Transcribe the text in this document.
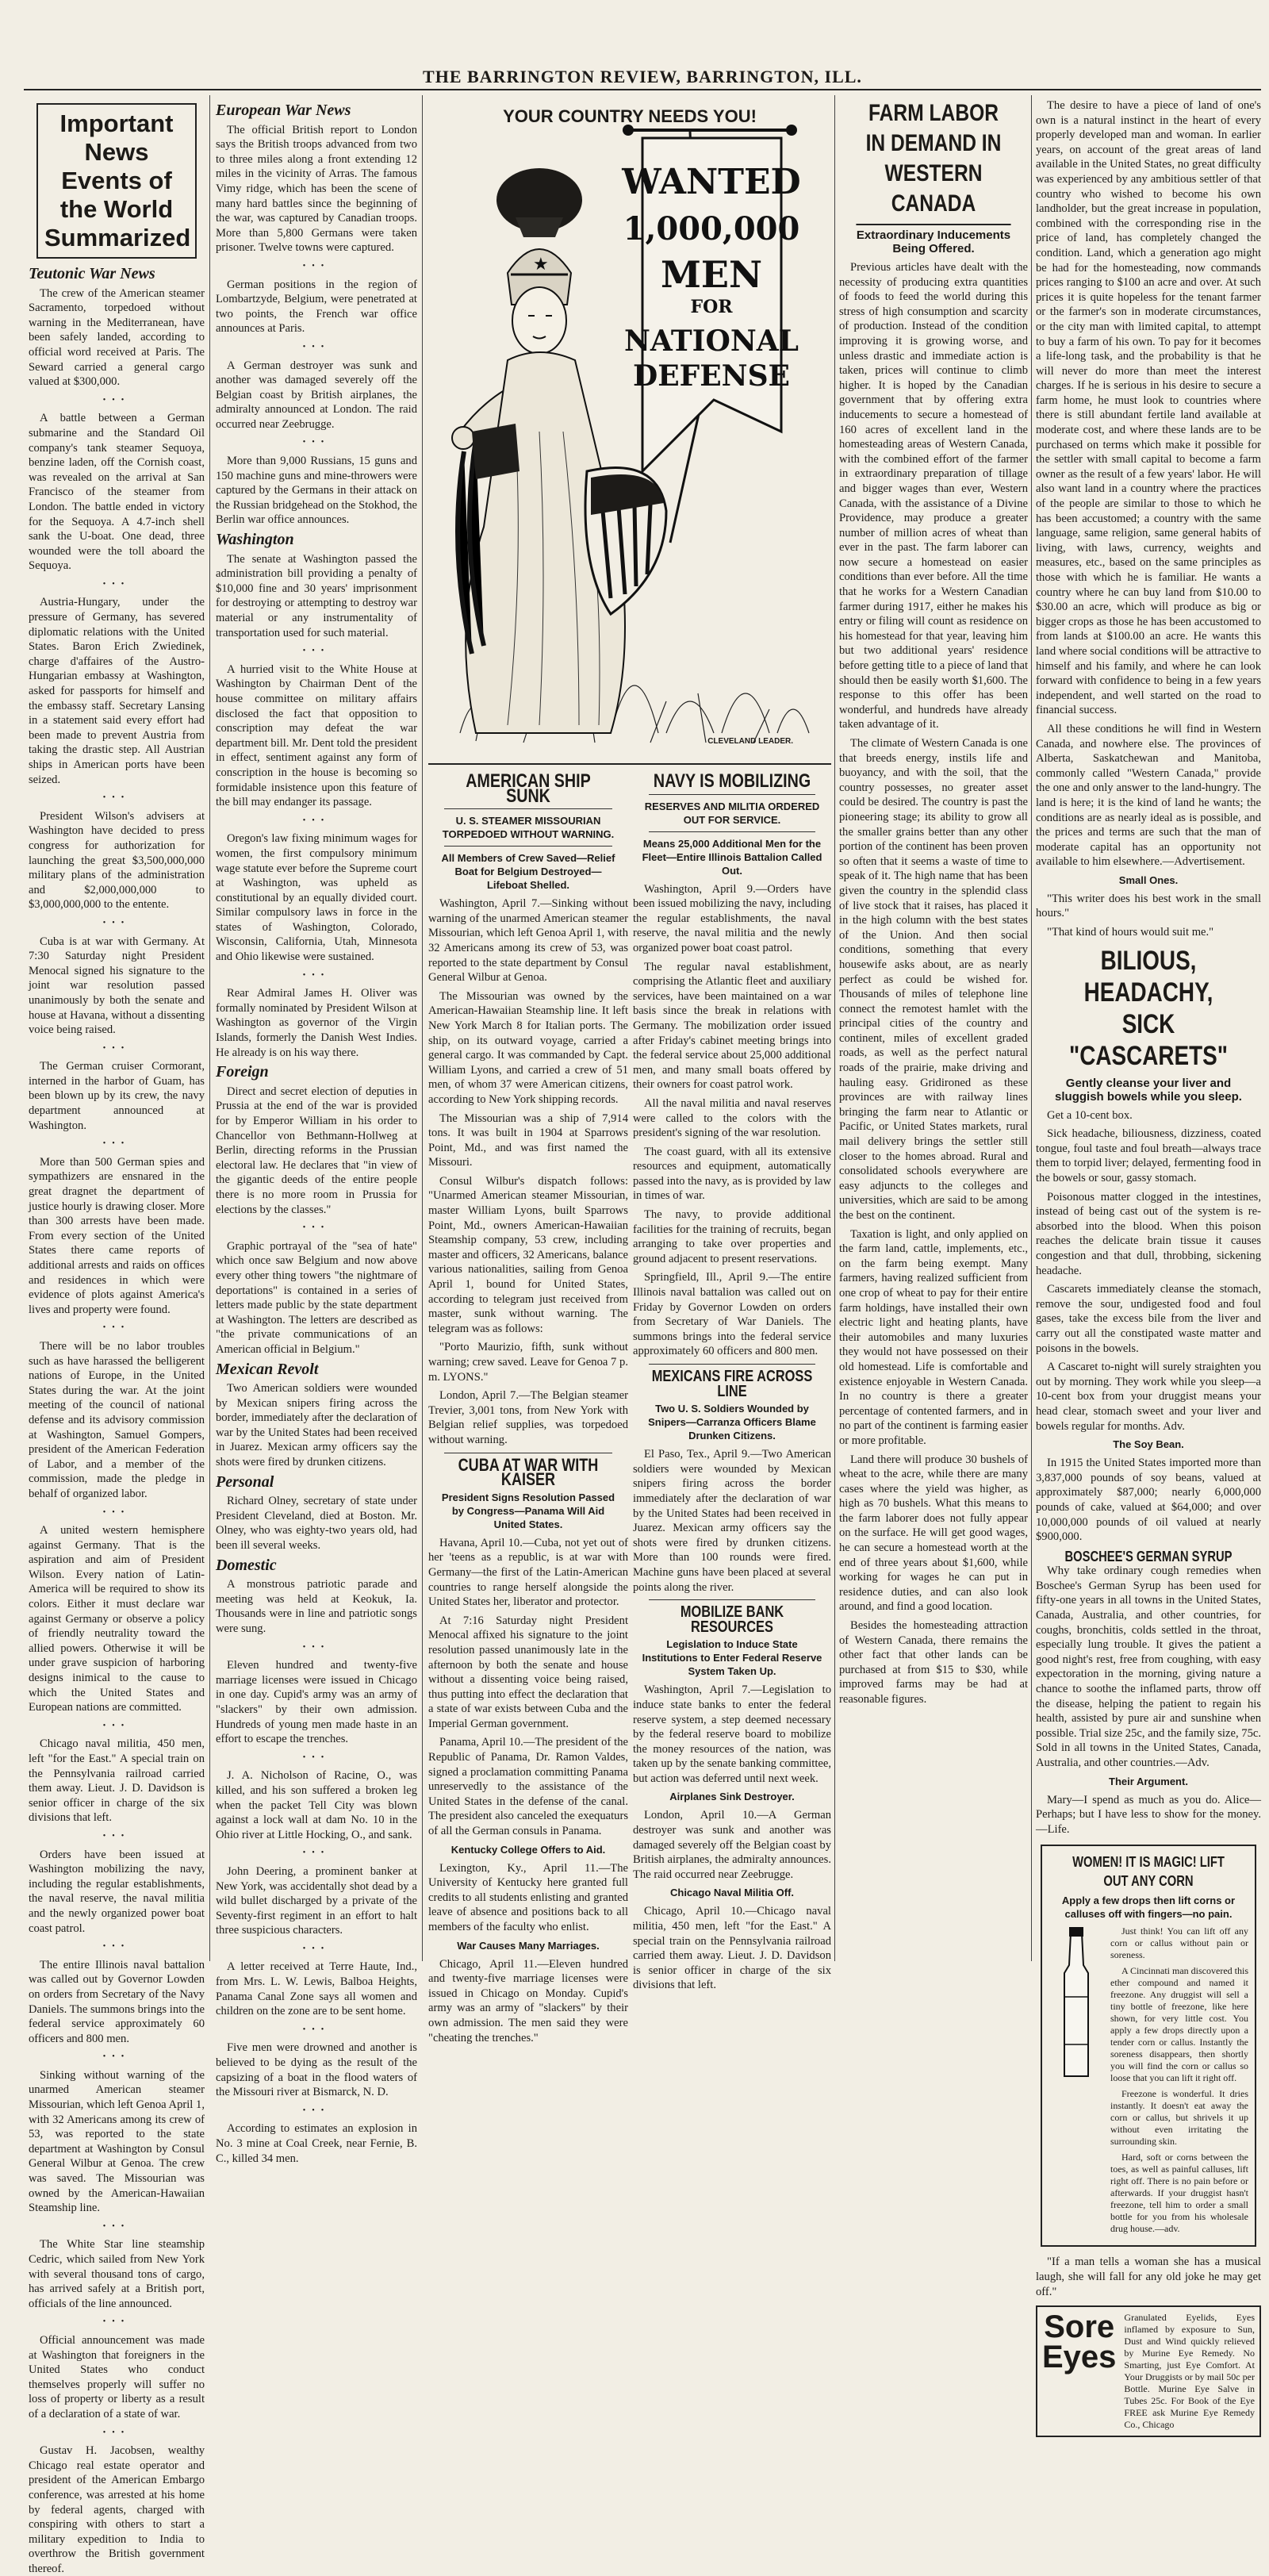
THE BARRINGTON REVIEW, BARRINGTON, ILL.
Important News Events of the World Summarized
Teutonic War News

The crew of the American steamer Sacramento, torpedoed without warning in the Mediterranean, have been safely landed, according to official word received at Paris. The Seward carried a general cargo valued at $300,000.

•••

A battle between a German submarine and the Standard Oil company's tank steamer Sequoya, benzine laden, off the Cornish coast, was revealed on the arrival at San Francisco of the steamer from London. The battle ended in victory for the Sequoya. A 4.7-inch shell sank the U-boat. One dead, three wounded were the toll aboard the Sequoya.

•••

Austria-Hungary, under the pressure of Germany, has severed diplomatic relations with the United States. Baron Erich Zwiedinek, charge d'affaires of the Austro-Hungarian embassy at Washington, asked for passports for himself and the embassy staff. Secretary Lansing in a statement said every effort had been made to prevent Austria from taking the drastic step. All Austrian ships in American ports have been seized.

•••

President Wilson's advisers at Washington have decided to press congress for authorization for launching the great $3,500,000,000 military plans of the administration and $2,000,000,000 to $3,000,000,000 to the entente.

•••

Cuba is at war with Germany. At 7:30 Saturday night President Menocal signed his signature to the joint war resolution passed unanimously by both the senate and house at Havana, without a dissenting voice being raised.

•••

The German cruiser Cormorant, interned in the harbor of Guam, has been blown up by its crew, the navy department announced at Washington.

•••

More than 500 German spies and sympathizers are ensnared in the great dragnet the department of justice hourly is drawing closer. More than 300 arrests have been made. From every section of the United States there came reports of additional arrests and raids on offices and residences in which were evidence of plots against America's lives and property were found.

•••

There will be no labor troubles such as have harassed the belligerent nations of Europe, in the United States during the war. At the joint meeting of the council of national defense and its advisory commission at Washington, Samuel Gompers, president of the American Federation of Labor, and a member of the commission, made the pledge in behalf of organized labor.

•••

A united western hemisphere against Germany. That is the aspiration and aim of President Wilson. Every nation of Latin-America will be required to show its colors. Either it must declare war against Germany or observe a policy of friendly neutrality toward the allied powers. Otherwise it will be under grave suspicion of harboring designs inimical to the cause to which the United States and European nations are committed.

•••

Chicago naval militia, 450 men, left "for the East." A special train on the Pennsylvania railroad carried them away. Lieut. J. D. Davidson is senior officer in charge of the six divisions that left.

•••

Orders have been issued at Washington mobilizing the navy, including the regular establishments, the naval reserve, the naval militia and the newly organized power boat coast patrol.

•••

The entire Illinois naval battalion was called out by Governor Lowden on orders from Secretary of the Navy Daniels. The summons brings into the federal service approximately 60 officers and 800 men.

•••

Sinking without warning of the unarmed American steamer Missourian, which left Genoa April 1, with 32 Americans among its crew of 53, was reported to the state department at Washington by Consul General Wilbur at Genoa. The crew was saved. The Missourian was owned by the American-Hawaiian Steamship line.

•••

The White Star line steamship Cedric, which sailed from New York with several thousand tons of cargo, has arrived safely at a British port, officials of the line announced.

•••

Official announcement was made at Washington that foreigners in the United States who conduct themselves properly will suffer no loss of property or liberty as a result of a declaration of a state of war.

•••

Gustav H. Jacobsen, wealthy Chicago real estate operator and president of the American Embargo conference, was arrested at his home by federal agents, charged with conspiring with others to start a military expedition to India to overthrow the British government thereof.

European War News

The official British report to London says the British troops advanced from two to three miles along a front extending 12 miles in the vicinity of Arras. The famous Vimy ridge, which has been the scene of many hard battles since the beginning of the war, was captured by Canadian troops. More than 5,800 Germans were taken prisoner. Twelve towns were captured.

•••

German positions in the region of Lombartzyde, Belgium, were penetrated at two points, the French war office announces at Paris.

•••

A German destroyer was sunk and another was damaged severely off the Belgian coast by British airplanes, the admiralty announced at London. The raid occurred near Zeebrugge.

•••

More than 9,000 Russians, 15 guns and 150 machine guns and mine-throwers were captured by the Germans in their attack on the Russian bridgehead on the Stokhod, the Berlin war office announces.

Washington

The senate at Washington passed the administration bill providing a penalty of $10,000 fine and 30 years' imprisonment for destroying or attempting to destroy war material or any instrumentality of transportation used for such material.

•••

A hurried visit to the White House at Washington by Chairman Dent of the house committee on military affairs disclosed the fact that opposition to conscription may defeat the war department bill. Mr. Dent told the president in effect, sentiment against any form of conscription in the house is becoming so formidable insistence upon this feature of the bill may endanger its passage.

•••

Oregon's law fixing minimum wages for women, the first compulsory minimum wage statute ever before the Supreme court at Washington, was upheld as constitutional by an equally divided court. Similar compulsory laws in force in the states of Washington, Colorado, Wisconsin, California, Utah, Minnesota and Ohio likewise were sustained.

•••

Rear Admiral James H. Oliver was formally nominated by President Wilson at Washington as governor of the Virgin Islands, formerly the Danish West Indies. He already is on his way there.

Foreign

Direct and secret election of deputies in Prussia at the end of the war is provided for by Emperor William in his order to Chancellor von Bethmann-Hollweg at Berlin, directing reforms in the Prussian electoral law. He declares that "in view of the gigantic deeds of the entire people there is no more room in Prussia for elections by the classes."

•••

Graphic portrayal of the "sea of hate" which once saw Belgium and now above every other thing towers "the nightmare of deportations" is contained in a series of letters made public by the state department at Washington. The letters are described as "the private communications of an American official in Belgium."

Mexican Revolt

Two American soldiers were wounded by Mexican snipers firing across the border, immediately after the declaration of war by the United States had been received in Juarez. Mexican army officers say the shots were fired by drunken citizens.

Personal

Richard Olney, secretary of state under President Cleveland, died at Boston. Mr. Olney, who was eighty-two years old, had been ill several weeks.

Domestic

A monstrous patriotic parade and meeting was held at Keokuk, Ia. Thousands were in line and patriotic songs were sung.

•••

Eleven hundred and twenty-five marriage licenses were issued in Chicago in one day. Cupid's army was an army of "slackers" by their own admission. Hundreds of young men made haste in an effort to escape the trenches.

•••

J. A. Nicholson of Racine, O., was killed, and his son suffered a broken leg when the packet Tell City was blown against a lock wall at dam No. 10 in the Ohio river at Little Hocking, O., and sank.

•••

John Deering, a prominent banker at New York, was accidentally shot dead by a wild bullet discharged by a private of the Seventy-first regiment in an effort to halt three suspicious characters.

•••

A letter received at Terre Haute, Ind., from Mrs. L. W. Lewis, Balboa Heights, Panama Canal Zone says all women and children on the zone are to be sent home.

•••

Five men were drowned and another is believed to be dying as the result of the capsizing of a boat in the flood waters of the Missouri river at Bismarck, N. D.

•••

According to estimates an explosion in No. 3 mine at Coal Creek, near Fernie, B. C., killed 34 men.

YOUR COUNTRY NEEDS YOU!
★
WANTED
1,000,000
MEN
FOR
NATIONAL
DEFENSE
CLEVELAND LEADER.
AMERICAN SHIP SUNK
U. S. STEAMER MISSOURIAN TORPEDOED WITHOUT WARNING.
All Members of Crew Saved—Relief Boat for Belgium Destroyed—Lifeboat Shelled.

Washington, April 7.—Sinking without warning of the unarmed American steamer Missourian, which left Genoa April 1, with 32 Americans among its crew of 53, was reported to the state department by Consul General Wilbur at Genoa.

The Missourian was owned by the American-Hawaiian Steamship line. It left New York March 8 for Italian ports. The ship, on its outward voyage, carried a general cargo. It was commanded by Capt. William Lyons, and carried a crew of 51 men, of whom 37 were American citizens, according to New York shipping records.

The Missourian was a ship of 7,914 tons. It was built in 1904 at Sparrows Point, Md., and was first named the Missouri.

Consul Wilbur's dispatch follows: "Unarmed American steamer Missourian, master William Lyons, built Sparrows Point, Md., owners American-Hawaiian Steamship company, 53 crew, including master and officers, 32 Americans, balance various nationalities, sailing from Genoa April 1, bound for United States, according to telegram just received from master, sunk without warning. The telegram was as follows:

"Porto Maurizio, fifth, sunk without warning; crew saved. Leave for Genoa 7 p. m. LYONS."

London, April 7.—The Belgian steamer Trevier, 3,001 tons, from New York with Belgian relief supplies, was torpedoed without warning.

CUBA AT WAR WITH KAISER
President Signs Resolution Passed by Congress—Panama Will Aid United States.

Havana, April 10.—Cuba, not yet out of her 'teens as a republic, is at war with Germany—the first of the Latin-American countries to range herself alongside the United States her, liberator and protector.

At 7:16 Saturday night President Menocal affixed his signature to the joint resolution passed unanimously late in the afternoon by both the senate and house without a dissenting voice being raised, thus putting into effect the declaration that a state of war exists between Cuba and the Imperial German government.

Panama, April 10.—The president of the Republic of Panama, Dr. Ramon Valdes, signed a proclamation committing Panama unreservedly to the assistance of the United States in the defense of the canal. The president also canceled the exequaturs of all the German consuls in Panama.

Kentucky College Offers to Aid.

Lexington, Ky., April 11.—The University of Kentucky here granted full credits to all students enlisting and granted leave of absence and positions back to all members of the faculty who enlist.

War Causes Many Marriages.

Chicago, April 11.—Eleven hundred and twenty-five marriage licenses were issued in Chicago on Monday. Cupid's army was an army of "slackers" by their own admission. The men said they were "cheating the trenches."

NAVY IS MOBILIZING
RESERVES AND MILITIA ORDERED OUT FOR SERVICE.
Means 25,000 Additional Men for the Fleet—Entire Illinois Battalion Called Out.

Washington, April 9.—Orders have been issued mobilizing the navy, including the regular establishments, the naval reserve, the naval militia and the newly organized power boat coast patrol.

The regular naval establishment, comprising the Atlantic fleet and auxiliary services, have been maintained on a war basis since the break in relations with Germany. The mobilization order issued after Friday's cabinet meeting brings into the federal service about 25,000 additional men, and many small boats offered by their owners for coast patrol work.

All the naval militia and naval reserves were called to the colors with the president's signing of the war resolution.

The coast guard, with all its extensive resources and equipment, automatically passed into the navy, as is provided by law in times of war.

The navy, to provide additional facilities for the training of recruits, began arranging to take over properties and ground adjacent to present reservations.

Springfield, Ill., April 9.—The entire Illinois naval battalion was called out on Friday by Governor Lowden on orders from Secretary of War Daniels. The summons brings into the federal service approximately 60 officers and 800 men.

MEXICANS FIRE ACROSS LINE
Two U. S. Soldiers Wounded by Snipers—Carranza Officers Blame Drunken Citizens.

El Paso, Tex., April 9.—Two American soldiers were wounded by Mexican snipers firing across the border immediately after the declaration of war by the United States had been received in Juarez. Mexican army officers say the shots were fired by drunken citizens. More than 100 rounds were fired. Machine guns have been placed at several points along the river.

MOBILIZE BANK RESOURCES
Legislation to Induce State Institutions to Enter Federal Reserve System Taken Up.

Washington, April 7.—Legislation to induce state banks to enter the federal reserve system, a step deemed necessary by the federal reserve board to mobilize the money resources of the nation, was taken up by the senate banking committee, but action was deferred until next week.

Airplanes Sink Destroyer.

London, April 10.—A German destroyer was sunk and another was damaged severely off the Belgian coast by British airplanes, the admiralty announces. The raid occurred near Zeebrugge.

Chicago Naval Militia Off.

Chicago, April 10.—Chicago naval militia, 450 men, left "for the East." A special train on the Pennsylvania railroad carried them away. Lieut. J. D. Davidson is senior officer in charge of the six divisions that left.

FARM LABOR IN DEMAND IN WESTERN CANADA
Extraordinary Inducements Being Offered.

Previous articles have dealt with the necessity of producing extra quantities of foods to feed the world during this stress of high consumption and scarcity of production. Instead of the condition improving it is growing worse, and unless drastic and immediate action is taken, prices will continue to climb higher. It is hoped by the Canadian government that by offering extra inducements to secure a homestead of 160 acres of excellent land in the homesteading areas of Western Canada, with the combined effort of the farmer in extraordinary preparation of tillage and bigger wages than ever, Western Canada, with the assistance of a Divine Providence, may produce a greater number of million acres of wheat than ever in the past. The farm laborer can now secure a homestead on easier conditions than ever before. All the time that he works for a Western Canadian farmer during 1917, either he makes his entry or filing will count as residence on his homestead for that year, leaving him but two additional years' residence before getting title to a piece of land that should then be easily worth $1,600. The response to this offer has been wonderful, and hundreds have already taken advantage of it.

The climate of Western Canada is one that breeds energy, instils life and buoyancy, and with the soil, that the country possesses, no greater asset could be desired. The country is past the pioneering stage; its ability to grow all the smaller grains better than any other portion of the continent has been proven so often that it seems a waste of time to speak of it. The high name that has been given the country in the splendid class of live stock that it raises, has placed it in the high column with the best states of the Union. And then social conditions, something that every housewife asks about, are as nearly perfect as could be wished for. Thousands of miles of telephone line connect the remotest hamlet with the principal cities of the country and continent, miles of excellent graded roads, as well as the perfect natural roads of the prairie, make driving and hauling easy. Gridironed as these provinces are with railway lines bringing the farm near to Atlantic or Pacific, or United States markets, rural mail delivery brings the settler still closer to the homes abroad. Rural and consolidated schools everywhere are easy adjuncts to the colleges and universities, which are said to be among the best on the continent.

Taxation is light, and only applied on the farm land, cattle, implements, etc., on the farm being exempt. Many farmers, having realized sufficient from one crop of wheat to pay for their entire farm holdings, have installed their own electric light and heating plants, have their automobiles and many luxuries they would not have possessed on their old homestead. Life is comfortable and existence enjoyable in Western Canada. In no country is there a greater percentage of contented farmers, and in no part of the continent is farming easier or more profitable.

Land there will produce 30 bushels of wheat to the acre, while there are many cases where the yield was higher, as high as 70 bushels. What this means to the farm laborer does not fully appear on the surface. He will get good wages, he can secure a homestead worth at the end of three years about $1,600, while working for wages he can put in residence duties, and can also look around, and find a good location.

Besides the homesteading attraction of Western Canada, there remains the other fact that other lands can be purchased at from $15 to $30, while improved farms may be had at reasonable figures.

The desire to have a piece of land of one's own is a natural instinct in the heart of every properly developed man and woman. In earlier years, on account of the great areas of land available in the United States, no great difficulty was experienced by any ambitious settler of that country who wished to become his own landholder, but the great increase in population, combined with the corresponding rise in the price of land, has completely changed the condition. Land, which a generation ago might be had for the homesteading, now commands prices ranging to $100 an acre and over. At such prices it is quite hopeless for the tenant farmer or the farmer's son in moderate circumstances, or the city man with limited capital, to attempt to buy a farm of his own. To pay for it becomes a life-long task, and the probability is that he will never do more than meet the interest charges. If he is serious in his desire to secure a farm home, he must look to countries where there is still abundant fertile land available at moderate cost, and where these lands are to be purchased on terms which make it possible for the settler with small capital to become a farm owner as the result of a few years' labor. He will also want land in a country where the practices of the people are similar to those to which he has been accustomed; a country with the same language, same religion, same general habits of living, with laws, currency, weights and measures, etc., based on the same principles as those with which he is familiar. He wants a country where he can buy land from $10.00 to $30.00 an acre, which will produce as big or bigger crops as those he has been accustomed to from lands at $100.00 an acre. He wants this land where social conditions will be attractive to himself and his family, and where he can look forward with confidence to being in a few years independent, and well started on the road to financial success.

All these conditions he will find in Western Canada, and nowhere else. The provinces of Alberta, Saskatchewan and Manitoba, commonly called "Western Canada," provide the one and only answer to the land-hungry. The land is here; it is the kind of land he wants; the conditions are as nearly ideal as is possible, and the prices and terms are such that the man of moderate capital has an opportunity not available to him elsewhere.—Advertisement.

Small Ones.

"This writer does his best work in the small hours."

"That kind of hours would suit me."

BILIOUS, HEADACHY, SICK "CASCARETS"
Gently cleanse your liver and sluggish bowels while you sleep.

Get a 10-cent box.

Sick headache, biliousness, dizziness, coated tongue, foul taste and foul breath—always trace them to torpid liver; delayed, fermenting food in the bowels or sour, gassy stomach.

Poisonous matter clogged in the intestines, instead of being cast out of the system is re-absorbed into the blood. When this poison reaches the delicate brain tissue it causes congestion and that dull, throbbing, sickening headache.

Cascarets immediately cleanse the stomach, remove the sour, undigested food and foul gases, take the excess bile from the liver and carry out all the constipated waste matter and poisons in the bowels.

A Cascaret to-night will surely straighten you out by morning. They work while you sleep—a 10-cent box from your druggist means your head clear, stomach sweet and your liver and bowels regular for months. Adv.

The Soy Bean.

In 1915 the United States imported more than 3,837,000 pounds of soy beans, valued at approximately $87,000; nearly 6,000,000 pounds of cake, valued at $64,000; and over 10,000,000 pounds of oil valued at nearly $900,000.

BOSCHEE'S GERMAN SYRUP

Why take ordinary cough remedies when Boschee's German Syrup has been used for fifty-one years in all towns in the United States, Canada, Australia, and other countries, for coughs, bronchitis, colds settled in the throat, especially lung trouble. It gives the patient a good night's rest, free from coughing, with easy expectoration in the morning, giving nature a chance to soothe the inflamed parts, throw off the disease, helping the patient to regain his health, assisted by pure air and sunshine when possible. Trial size 25c, and the family size, 75c. Sold in all towns in the United States, Canada, Australia, and other countries.—Adv.

Their Argument.

Mary—I spend as much as you do. Alice—Perhaps; but I have less to show for the money.—Life.

WOMEN! IT IS MAGIC! LIFT OUT ANY CORN
Apply a few drops then lift corns or calluses off with fingers—no pain.

Just think! You can lift off any corn or callus without pain or soreness.

A Cincinnati man discovered this ether compound and named it freezone. Any druggist will sell a tiny bottle of freezone, like here shown, for very little cost. You apply a few drops directly upon a tender corn or callus. Instantly the soreness disappears, then shortly you will find the corn or callus so loose that you can lift it right off.

Freezone is wonderful. It dries instantly. It doesn't eat away the corn or callus, but shrivels it up without even irritating the surrounding skin.

Hard, soft or corns between the toes, as well as painful calluses, lift right off. There is no pain before or afterwards. If your druggist hasn't freezone, tell him to order a small bottle for you from his wholesale drug house.—adv.

"If a man tells a woman she has a musical laugh, she will fall for any old joke he may get off."

Sore
Eyes
Granulated Eyelids, Eyes inflamed by exposure to Sun, Dust and Wind quickly relieved by Murine Eye Remedy. No Smarting, just Eye Comfort. At Your Druggists or by mail 50c per Bottle. Murine Eye Salve in Tubes 25c. For Book of the Eye FREE ask Murine Eye Remedy Co., Chicago
